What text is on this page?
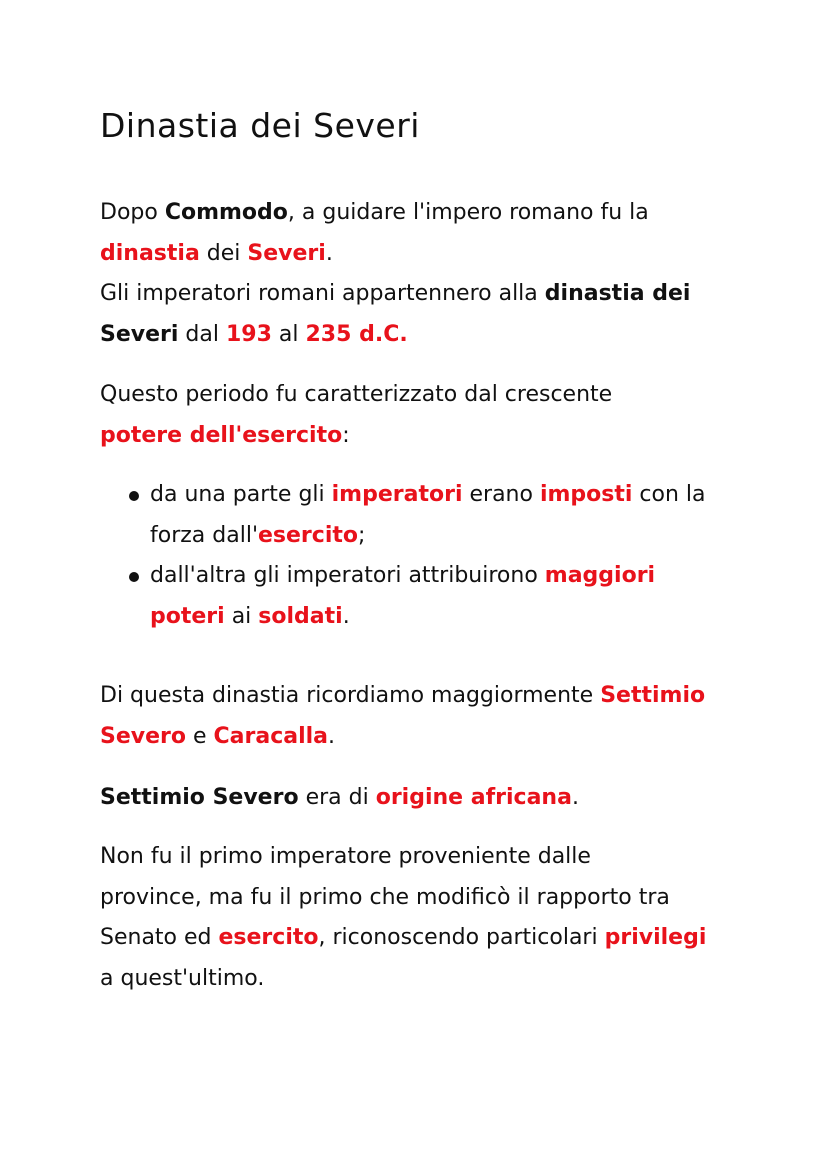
Dinastia dei Severi

Dopo Commodo, a guidare l'impero romano fu la
dinastia dei Severi.
Gli imperatori romani appartennero alla dinastia dei
Severi dal 193 al 235 d.C.

Questo periodo fu caratterizzato dal crescente
potere dell'esercito:

da una parte gli imperatori erano imposti con la
forza dall'esercito;
dall'altra gli imperatori attribuirono maggiori
poteri ai soldati.

Di questa dinastia ricordiamo maggiormente Settimio
Severo e Caracalla.

Settimio Severo era di origine africana.

Non fu il primo imperatore proveniente dalle
province, ma fu il primo che modificò il rapporto tra
Senato ed esercito, riconoscendo particolari privilegi
a quest'ultimo.
